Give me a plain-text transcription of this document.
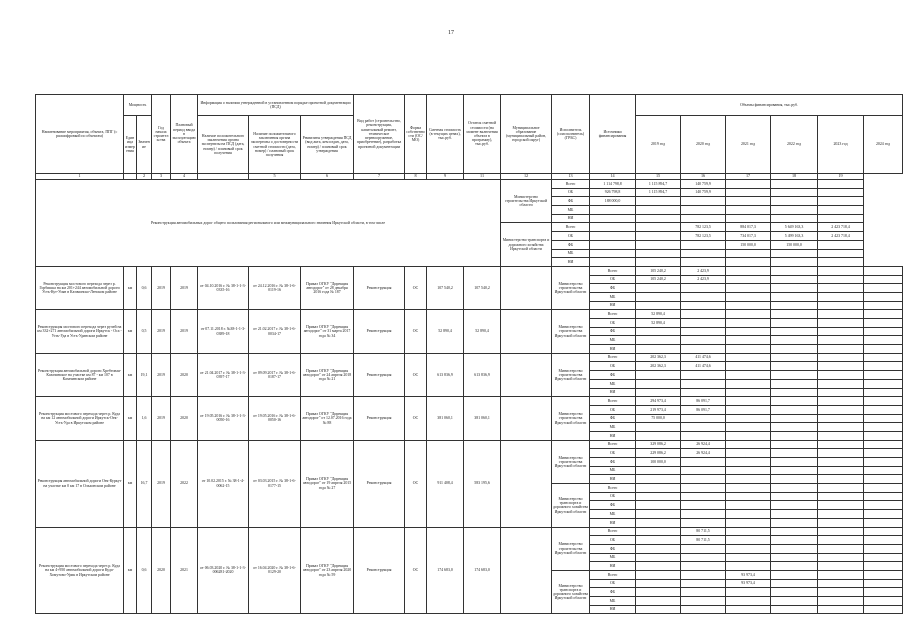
17
Наименование мероприятия, объекта, ППГ (с расшифровкой по объектам)	Мощность		Год начала строительства	Плановый период ввода в эксплуатацию объекта	Информация о наличии утвержденной в установленном порядке проектной документации (ПСД)			Вид работ (строительство, реконструкция, капитальный ремонт, техническое перевооружение, приобретение), разработка проектной документации	Форма собственности (ОС/МО)	Сметная стоимость (в текущих ценах), тыс.руб.	Остаток сметной стоимости (на момент включения объекта в программу), тыс.руб.	Муниципальное образование (муниципальный район, городской округ)	Исполнитель (соисполнитель) (ГРБС)	Источники финансирования	Объемы финансирования, тыс.руб.					
	Единица измерения	Значение			Наличие положительного заключения органа экспертизы на ПСД (дата, номер) / плановый срок получения	Наличие положительного заключения органа экспертизы о достоверности сметной стоимости (дата, номер) / плановый срок получения	Реквизиты утверждения ПСД (вид акта, кем издан, дата, номер) / плановый срок утверждения								2019 год	2020 год	2021 год	2022 год	2023 год	2024 год

1		2	3	4		5	6	7	8	9	11	12	13	14	15	16	17	18	19	
Реконструкция автомобильных дорог общего пользования регионального или межмуниципального значения Иркутской области, в том числе												Министерство строительства Иркутской области	Всего	1 114 798,8	1 115 894,7	140 759,9				
													ОБ	926 798,8	1 115 894,7	140 759,9				
													ФБ	188 000,0						
													МБ							
													НИ							
												Министерство транспорта и дорожного хозяйства Иркутской области	Всего			782 123,5	884 017,3	5 649 163,3	2 423 718,4	
													ОБ			782 123,5	734 017,3	5 499 163,3	2 423 718,4	
													ФБ				150 000,0	150 000,0		
													МБ							
													НИ							
Реконструкция мостового перехода через р. Горбишка на км 201+244 автомобильной дороги Усть-Кут-Уоян в Казачинско-Ленском районе	км	0,6	2019	2019	от 04.10.2016 г. № 38-1-1-3-0335-16	от 24.12.2016 г. № 38-1-6-0119-16	Приказ ОГКУ "Дирекция автодорог" от 28 декабря 2016 года № 187	Реконструкция	ОС	107 540,2	107 540,2		Министерство строительства Иркутской области	Всего	105 240,2	2 423,9				
														ОБ	105 240,2	2 423,9				
														ФБ						
														МБ						
														НИ						
Реконструкция мостового перехода через ручей на км 332+271 автомобильной дороги Иркутск - Оса - Усть-Уда в Усть-Удинском районе	км	0,5	2019	2019	от 07.11.2018 г. №38-1-1-3-0389-18	от 21.02.2017 г. № 38-1-6-0034-17	Приказ ОГКУ "Дирекция автодорог" от 31 марта 2017 года № 34	Реконструкция	ОС	52 890,4	52 890,4		Министерство строительства Иркутской области	Всего	52 890,4					
														ОБ	52 890,4					
														ФБ						
														МБ						
														НИ						
Реконструкция автомобильной дороги Хребтовая-Казачинское на участке км 87 - км 107 в Казачинском районе	км	19,1	2019	2020	от 21.04.2017 г. № 38-1-1-3-0397-17	от 09.09.2017 г. № 38-1-6-0187-17	Приказ ОГКУ "Дирекция автодорог" от 24 апреля 2018 года № 21	Реконструкция	ОС	613 836,9	613 836,9		Министерство строительства Иркутской области	Всего	202 362,3	411 474,6				
														ОБ	202 362,3	411 474,6				
														ФБ						
														МБ						
														НИ						
Реконструкция мостового перехода через р. Куда на км 12 автомобильной дороги Иркутск-Оек-Усть-Уда в Иркутском районе	км	1,6	2019	2020	от 19.05.2016 г. № 38-1-1-3-0050-16	от 19.05.2016 г. № 38-1-6-0050-16	Приказ ОГКУ "Дирекция автодорог" от 12.07.2016 года № 88	Реконструкция	ОС	381 060,1	381 060,1		Министерство строительства Иркутской области	Всего	294 973,4	86 091,7				
														ОБ	219 973,4	86 091,7				
														ФБ	75 000,0					
														МБ						
														НИ						
Реконструкция автомобильной дороги Оек-Куркут на участке км 0 км 17 в Ольхонском районе	км	16,7	2019	2022	от 10.02.2015 г. № 38-1-4-0062-15	от 03.03.2015 г. № 38-1-6-0177-15	Приказ ОГКУ "Дирекция автодорог" от 19 апреля 2015 года № 27	Реконструкция	ОС	911 408,4	583 195,6		Министерство строительства Иркутской области	Всего	329 086,2	26 924,4				
														ОБ	229 086,2	26 924,4				
														ФБ	100 000,0					
														МБ						
														НИ						
													Министерство транспорта и дорожного хозяйства Иркутской области	Всего						
														ОБ						
														ФБ						
														МБ						
														НИ						
Реконструкция мостового перехода через р. Куда на км 4+950 автомобильной дороги Куда-Хомутово-Урик в Иркутском районе	км	0,6	2020	2021	от 06.03.2020 г. № 38-1-1-3-006281-2020	от 16.04.2020 г. № 38-1-6-0129-20	Приказ ОГКУ "Дирекция автодорог" от 23 апреля 2020 года № 59	Реконструкция	ОС	174 683,0	174 683,0		Министерство строительства Иркутской области	Всего		80 711,5				
														ОБ		80 711,5				
														ФБ						
														МБ						
														НИ						
													Министерство транспорта и дорожного хозяйства Иркутской области	Всего			93 973,4			
														ОБ			93 973,4			
														ФБ						
														МБ						
														НИ						
